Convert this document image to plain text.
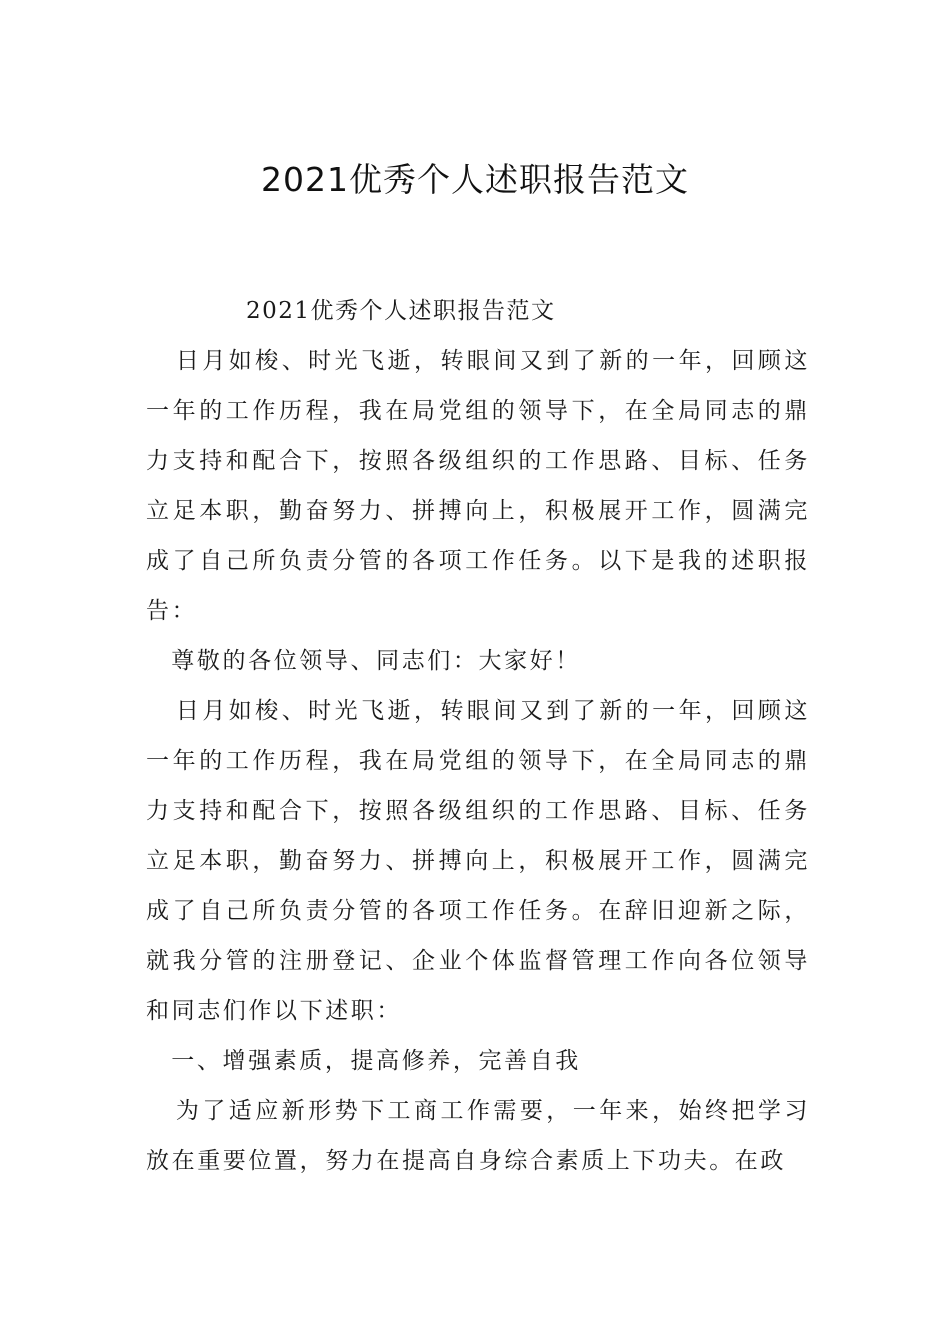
2021优秀个人述职报告范文

2021优秀个人述职报告范文

日月如梭、时光飞逝，转眼间又到了新的一年，回顾这一年的工作历程，我在局党组的领导下，在全局同志的鼎力支持和配合下，按照各级组织的工作思路、目标、任务立足本职，勤奋努力、拼搏向上，积极展开工作，圆满完成了自己所负责分管的各项工作任务。以下是我的述职报告：

尊敬的各位领导、同志们：大家好！

日月如梭、时光飞逝，转眼间又到了新的一年，回顾这一年的工作历程，我在局党组的领导下，在全局同志的鼎力支持和配合下，按照各级组织的工作思路、目标、任务立足本职，勤奋努力、拼搏向上，积极展开工作，圆满完成了自己所负责分管的各项工作任务。在辞旧迎新之际，就我分管的注册登记、企业个体监督管理工作向各位领导和同志们作以下述职：

一、增强素质，提高修养，完善自我

为了适应新形势下工商工作需要，一年来，始终把学习放在重要位置，努力在提高自身综合素质上下功夫。在政
